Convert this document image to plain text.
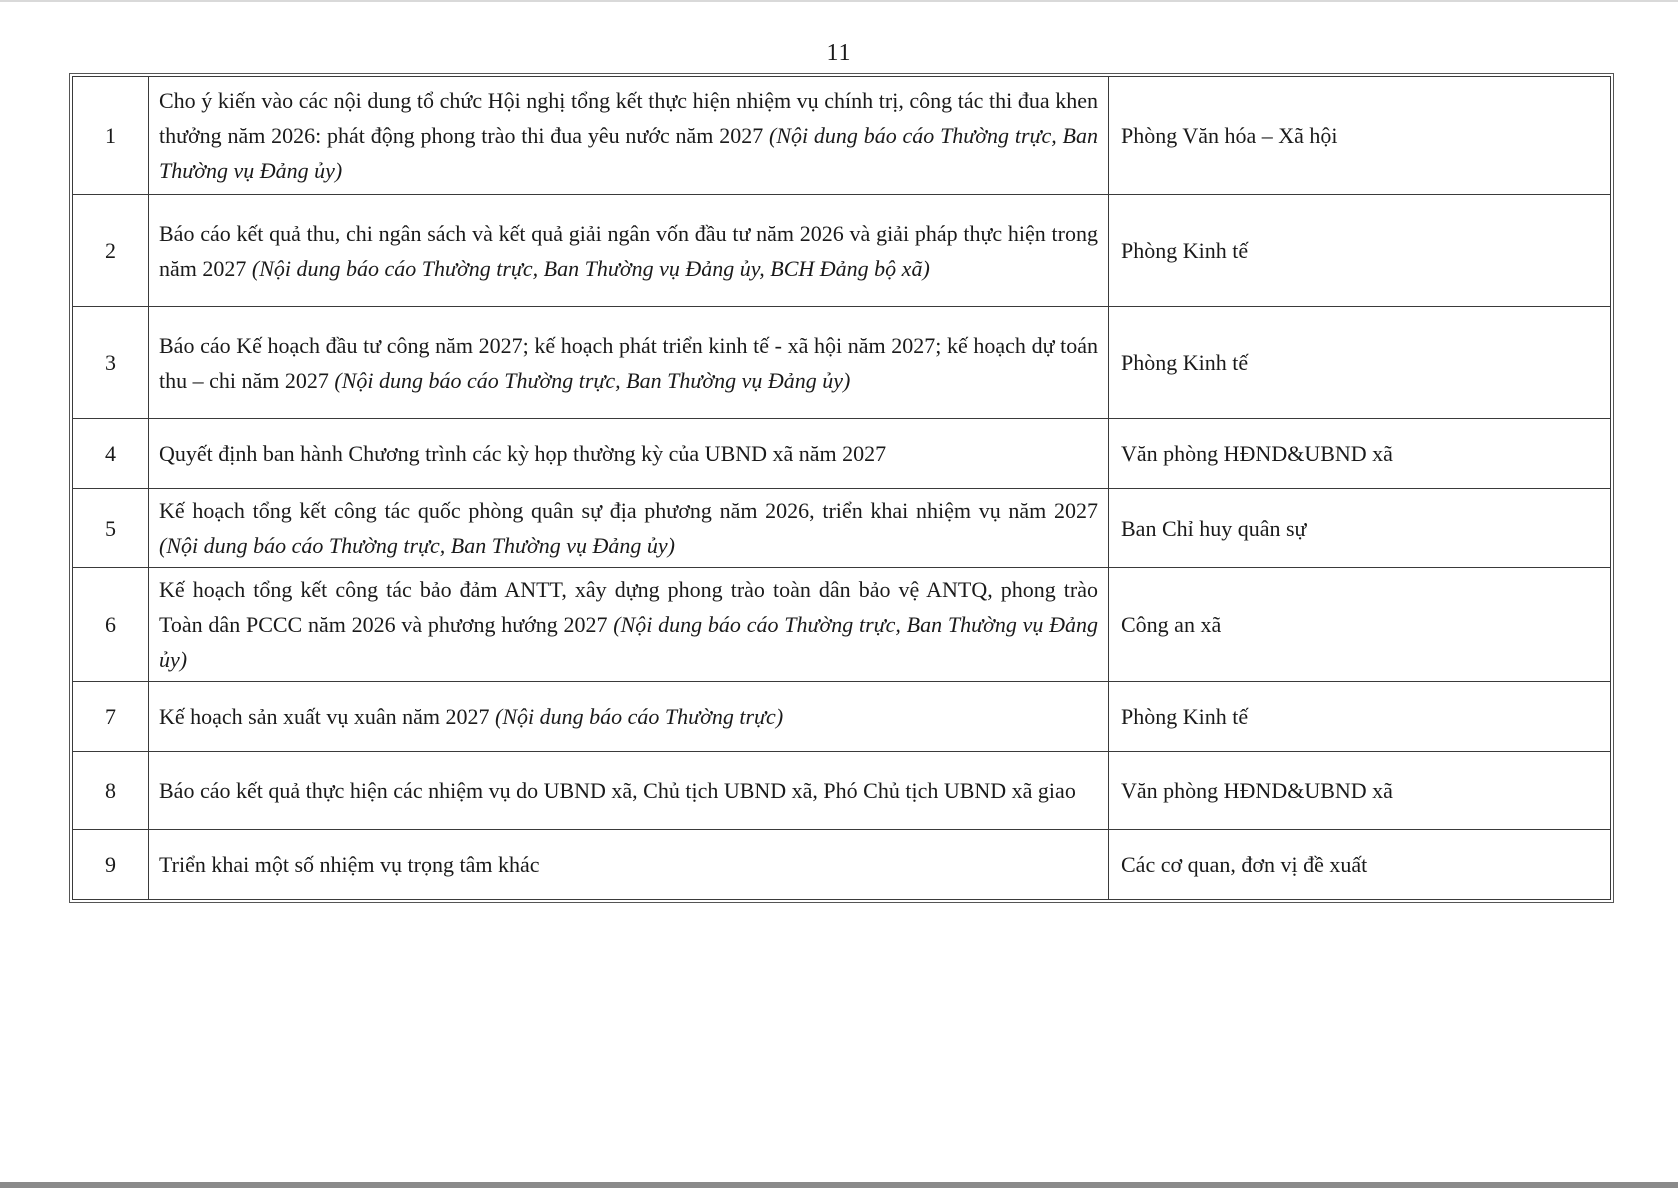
11
1	Cho ý kiến vào các nội dung tổ chức Hội nghị tổng kết thực hiện nhiệm vụ chính trị, công tác thi đua khen thưởng năm 2026: phát động phong trào thi đua yêu nước năm 2027 (Nội dung báo cáo Thường trực, Ban Thường vụ Đảng ủy)	Phòng Văn hóa – Xã hội
2	Báo cáo kết quả thu, chi ngân sách và kết quả giải ngân vốn đầu tư năm 2026 và giải pháp thực hiện trong năm 2027 (Nội dung báo cáo Thường trực, Ban Thường vụ Đảng ủy, BCH Đảng bộ xã)	Phòng Kinh tế
3	Báo cáo Kế hoạch đầu tư công năm 2027; kế hoạch phát triển kinh tế - xã hội năm 2027; kế hoạch dự toán thu – chi năm 2027 (Nội dung báo cáo Thường trực, Ban Thường vụ Đảng ủy)	Phòng Kinh tế
4	Quyết định ban hành Chương trình các kỳ họp thường kỳ của UBND xã năm 2027	Văn phòng HĐND&UBND xã
5	Kế hoạch tổng kết công tác quốc phòng quân sự địa phương năm 2026, triển khai nhiệm vụ năm 2027 (Nội dung báo cáo Thường trực, Ban Thường vụ Đảng ủy)	Ban Chỉ huy quân sự
6	Kế hoạch tổng kết công tác bảo đảm ANTT, xây dựng phong trào toàn dân bảo vệ ANTQ, phong trào Toàn dân PCCC năm 2026 và phương hướng 2027 (Nội dung báo cáo Thường trực, Ban Thường vụ Đảng ủy)	Công an xã
7	Kế hoạch sản xuất vụ xuân năm 2027 (Nội dung báo cáo Thường trực)	Phòng Kinh tế
8	Báo cáo kết quả thực hiện các nhiệm vụ do UBND xã, Chủ tịch UBND xã, Phó Chủ tịch UBND xã giao	Văn phòng HĐND&UBND xã
9	Triển khai một số nhiệm vụ trọng tâm khác	Các cơ quan, đơn vị đề xuất
